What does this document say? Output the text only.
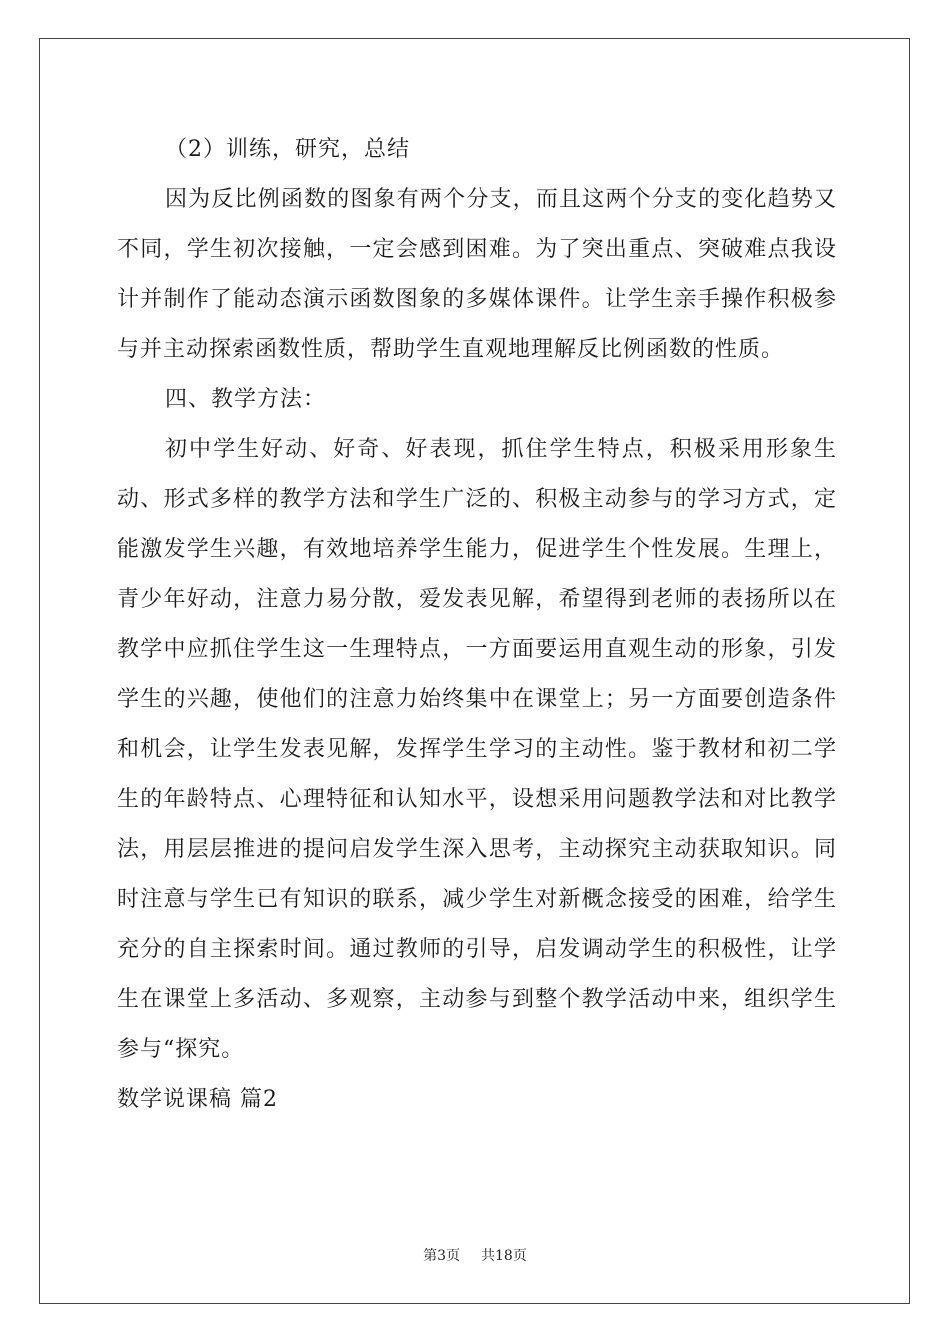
（2）训练，研究，总结

因为反比例函数的图象有两个分支，而且这两个分支的变化趋势又不同，学生初次接触，一定会感到困难。为了突出重点、突破难点我设计并制作了能动态演示函数图象的多媒体课件。让学生亲手操作积极参与并主动探索函数性质，帮助学生直观地理解反比例函数的性质。

四、教学方法：

初中学生好动、好奇、好表现，抓住学生特点，积极采用形象生动、形式多样的教学方法和学生广泛的、积极主动参与的学习方式，定能激发学生兴趣，有效地培养学生能力，促进学生个性发展。生理上，青少年好动，注意力易分散，爱发表见解，希望得到老师的表扬所以在教学中应抓住学生这一生理特点，一方面要运用直观生动的形象，引发学生的兴趣，使他们的注意力始终集中在课堂上；另一方面要创造条件和机会，让学生发表见解，发挥学生学习的主动性。鉴于教材和初二学生的年龄特点、心理特征和认知水平，设想采用问题教学法和对比教学法，用层层推进的提问启发学生深入思考，主动探究主动获取知识。同时注意与学生已有知识的联系，减少学生对新概念接受的困难，给学生充分的自主探索时间。通过教师的引导，启发调动学生的积极性，让学生在课堂上多活动、多观察，主动参与到整个教学活动中来，组织学生参与“探究。

数学说课稿 篇2

第3页 共18页
